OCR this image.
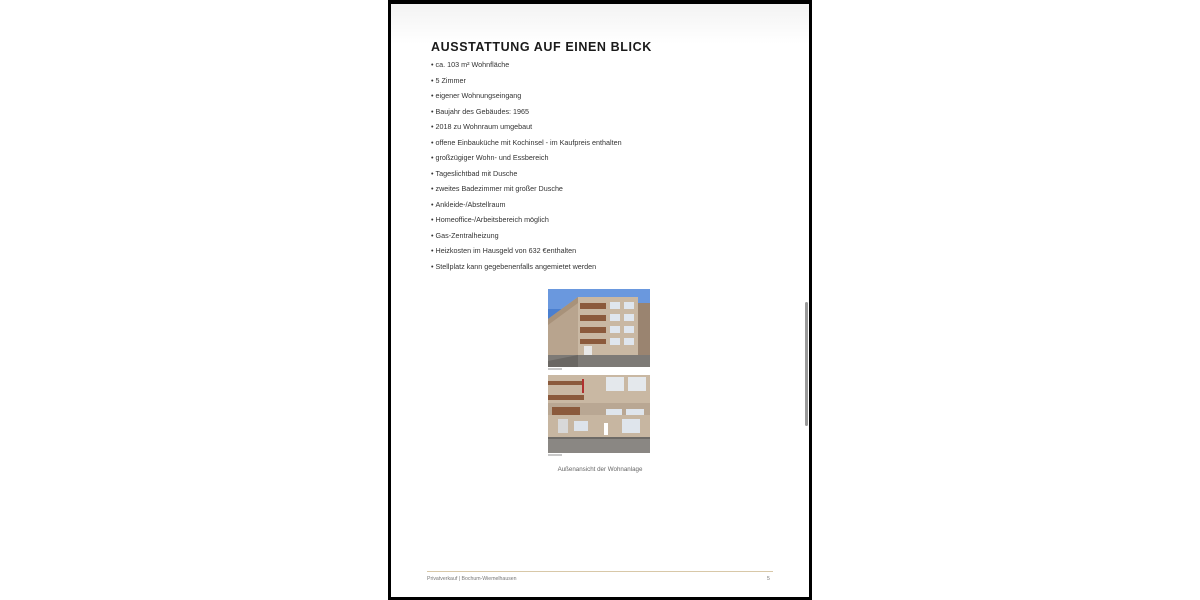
AUSSTATTUNG AUF EINEN BLICK
• ca. 103 m² Wohnfläche
• 5 Zimmer
• eigener Wohnungseingang
• Baujahr des Gebäudes: 1965
• 2018 zu Wohnraum umgebaut
• offene Einbauküche mit Kochinsel - im Kaufpreis enthalten
• großzügiger Wohn- und Essbereich
• Tageslichtbad mit Dusche
• zweites Badezimmer mit großer Dusche
• Ankleide-/Abstellraum
• Homeoffice-/Arbeitsbereich möglich
• Gas-Zentralheizung
• Heizkosten im Hausgeld von 632 €enthalten
• Stellplatz kann gegebenenfalls angemietet werden
Außenansicht der Wohnanlage
Privatverkauf | Bochum-Wiemelhausen	5
